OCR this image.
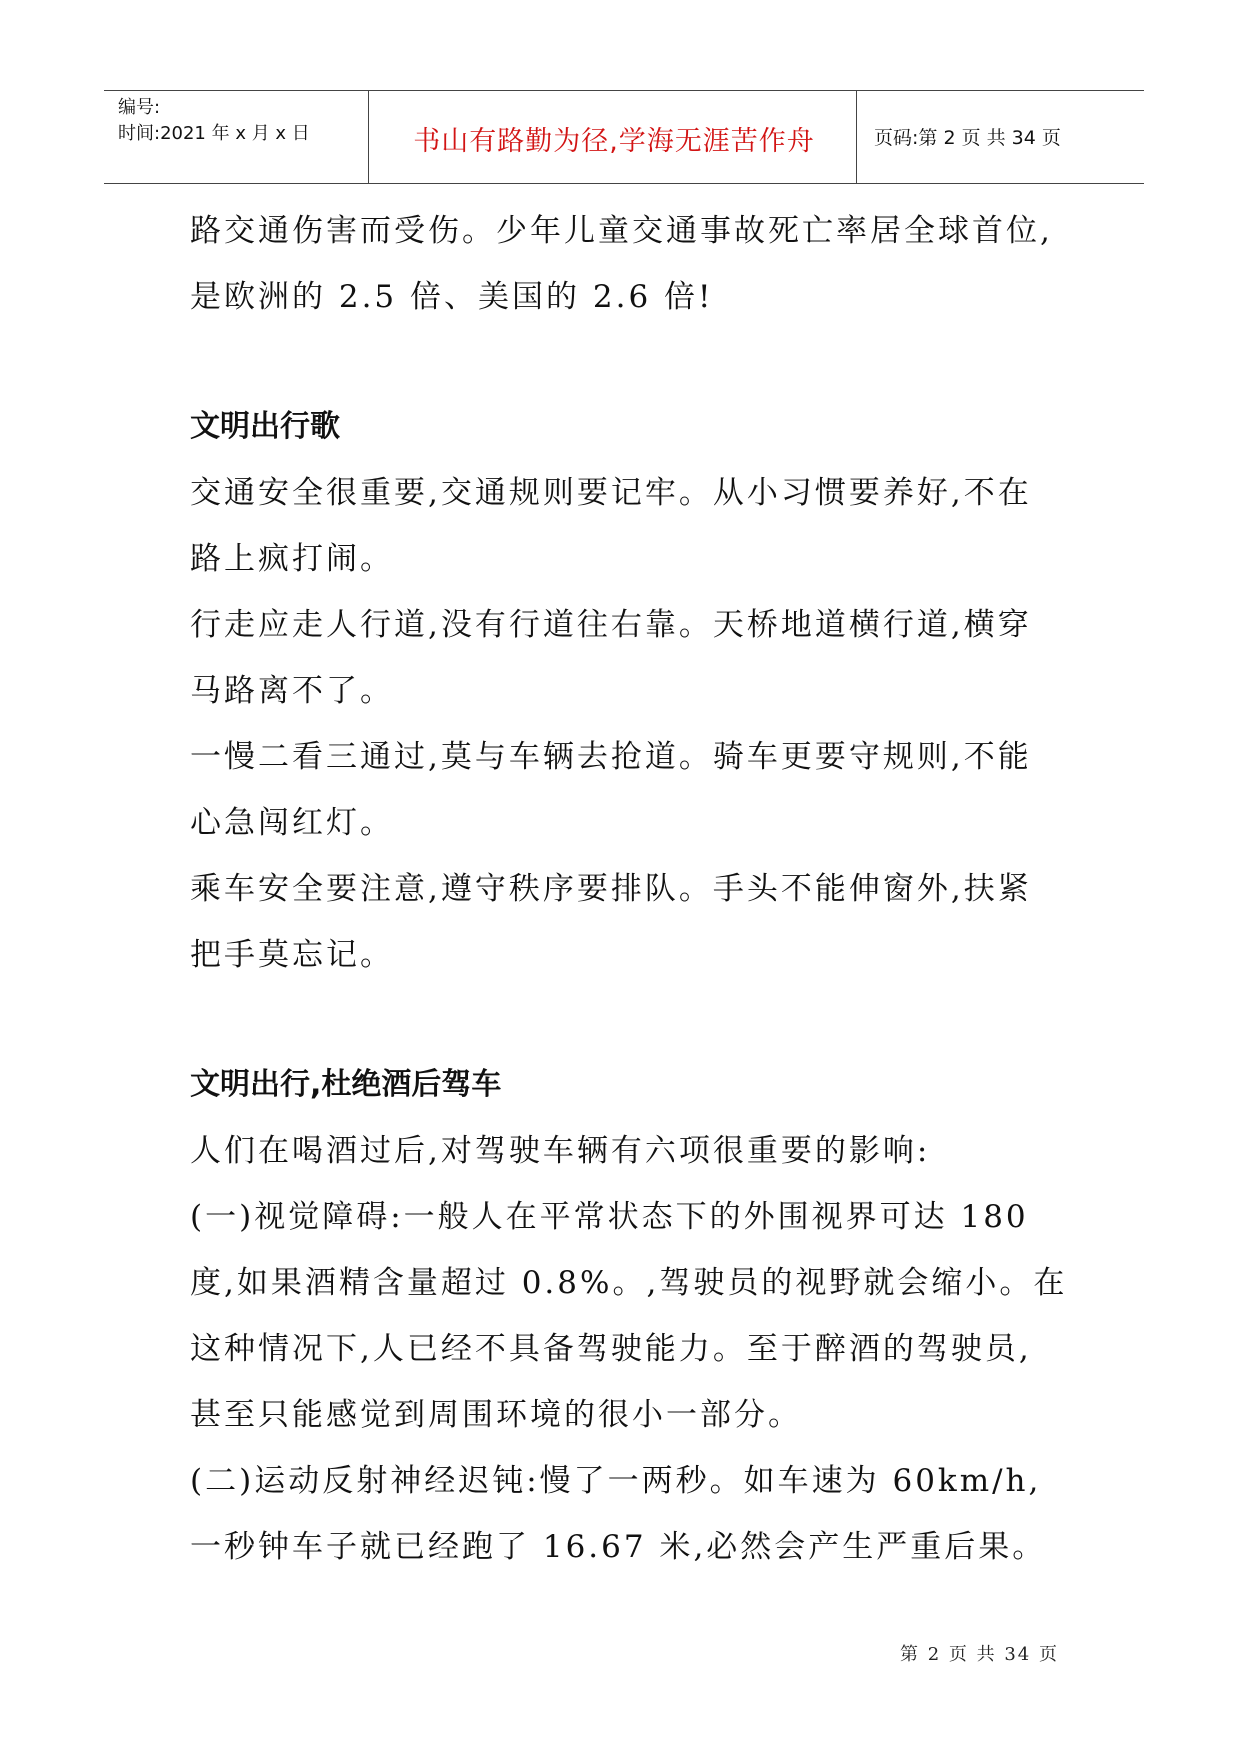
编号:
时间:2021 年 x 月 x 日	书山有路勤为径,学海无涯苦作舟	页码:第 2 页 共 34 页

路交通伤害而受伤。少年儿童交通事故死亡率居全球首位,

是欧洲的 2.5 倍、美国的 2.6 倍!

文明出行歌

交通安全很重要,交通规则要记牢。从小习惯要养好,不在

路上疯打闹。

行走应走人行道,没有行道往右靠。天桥地道横行道,横穿

马路离不了。

一慢二看三通过,莫与车辆去抢道。骑车更要守规则,不能

心急闯红灯。

乘车安全要注意,遵守秩序要排队。手头不能伸窗外,扶紧

把手莫忘记。

文明出行,杜绝酒后驾车

人们在喝酒过后,对驾驶车辆有六项很重要的影响:

(一)视觉障碍:一般人在平常状态下的外围视界可达 180

度,如果酒精含量超过 0.8%。,驾驶员的视野就会缩小。在

这种情况下,人已经不具备驾驶能力。至于醉酒的驾驶员,

甚至只能感觉到周围环境的很小一部分。

(二)运动反射神经迟钝:慢了一两秒。如车速为 60km/h,

一秒钟车子就已经跑了 16.67 米,必然会产生严重后果。

第 2 页 共 34 页
